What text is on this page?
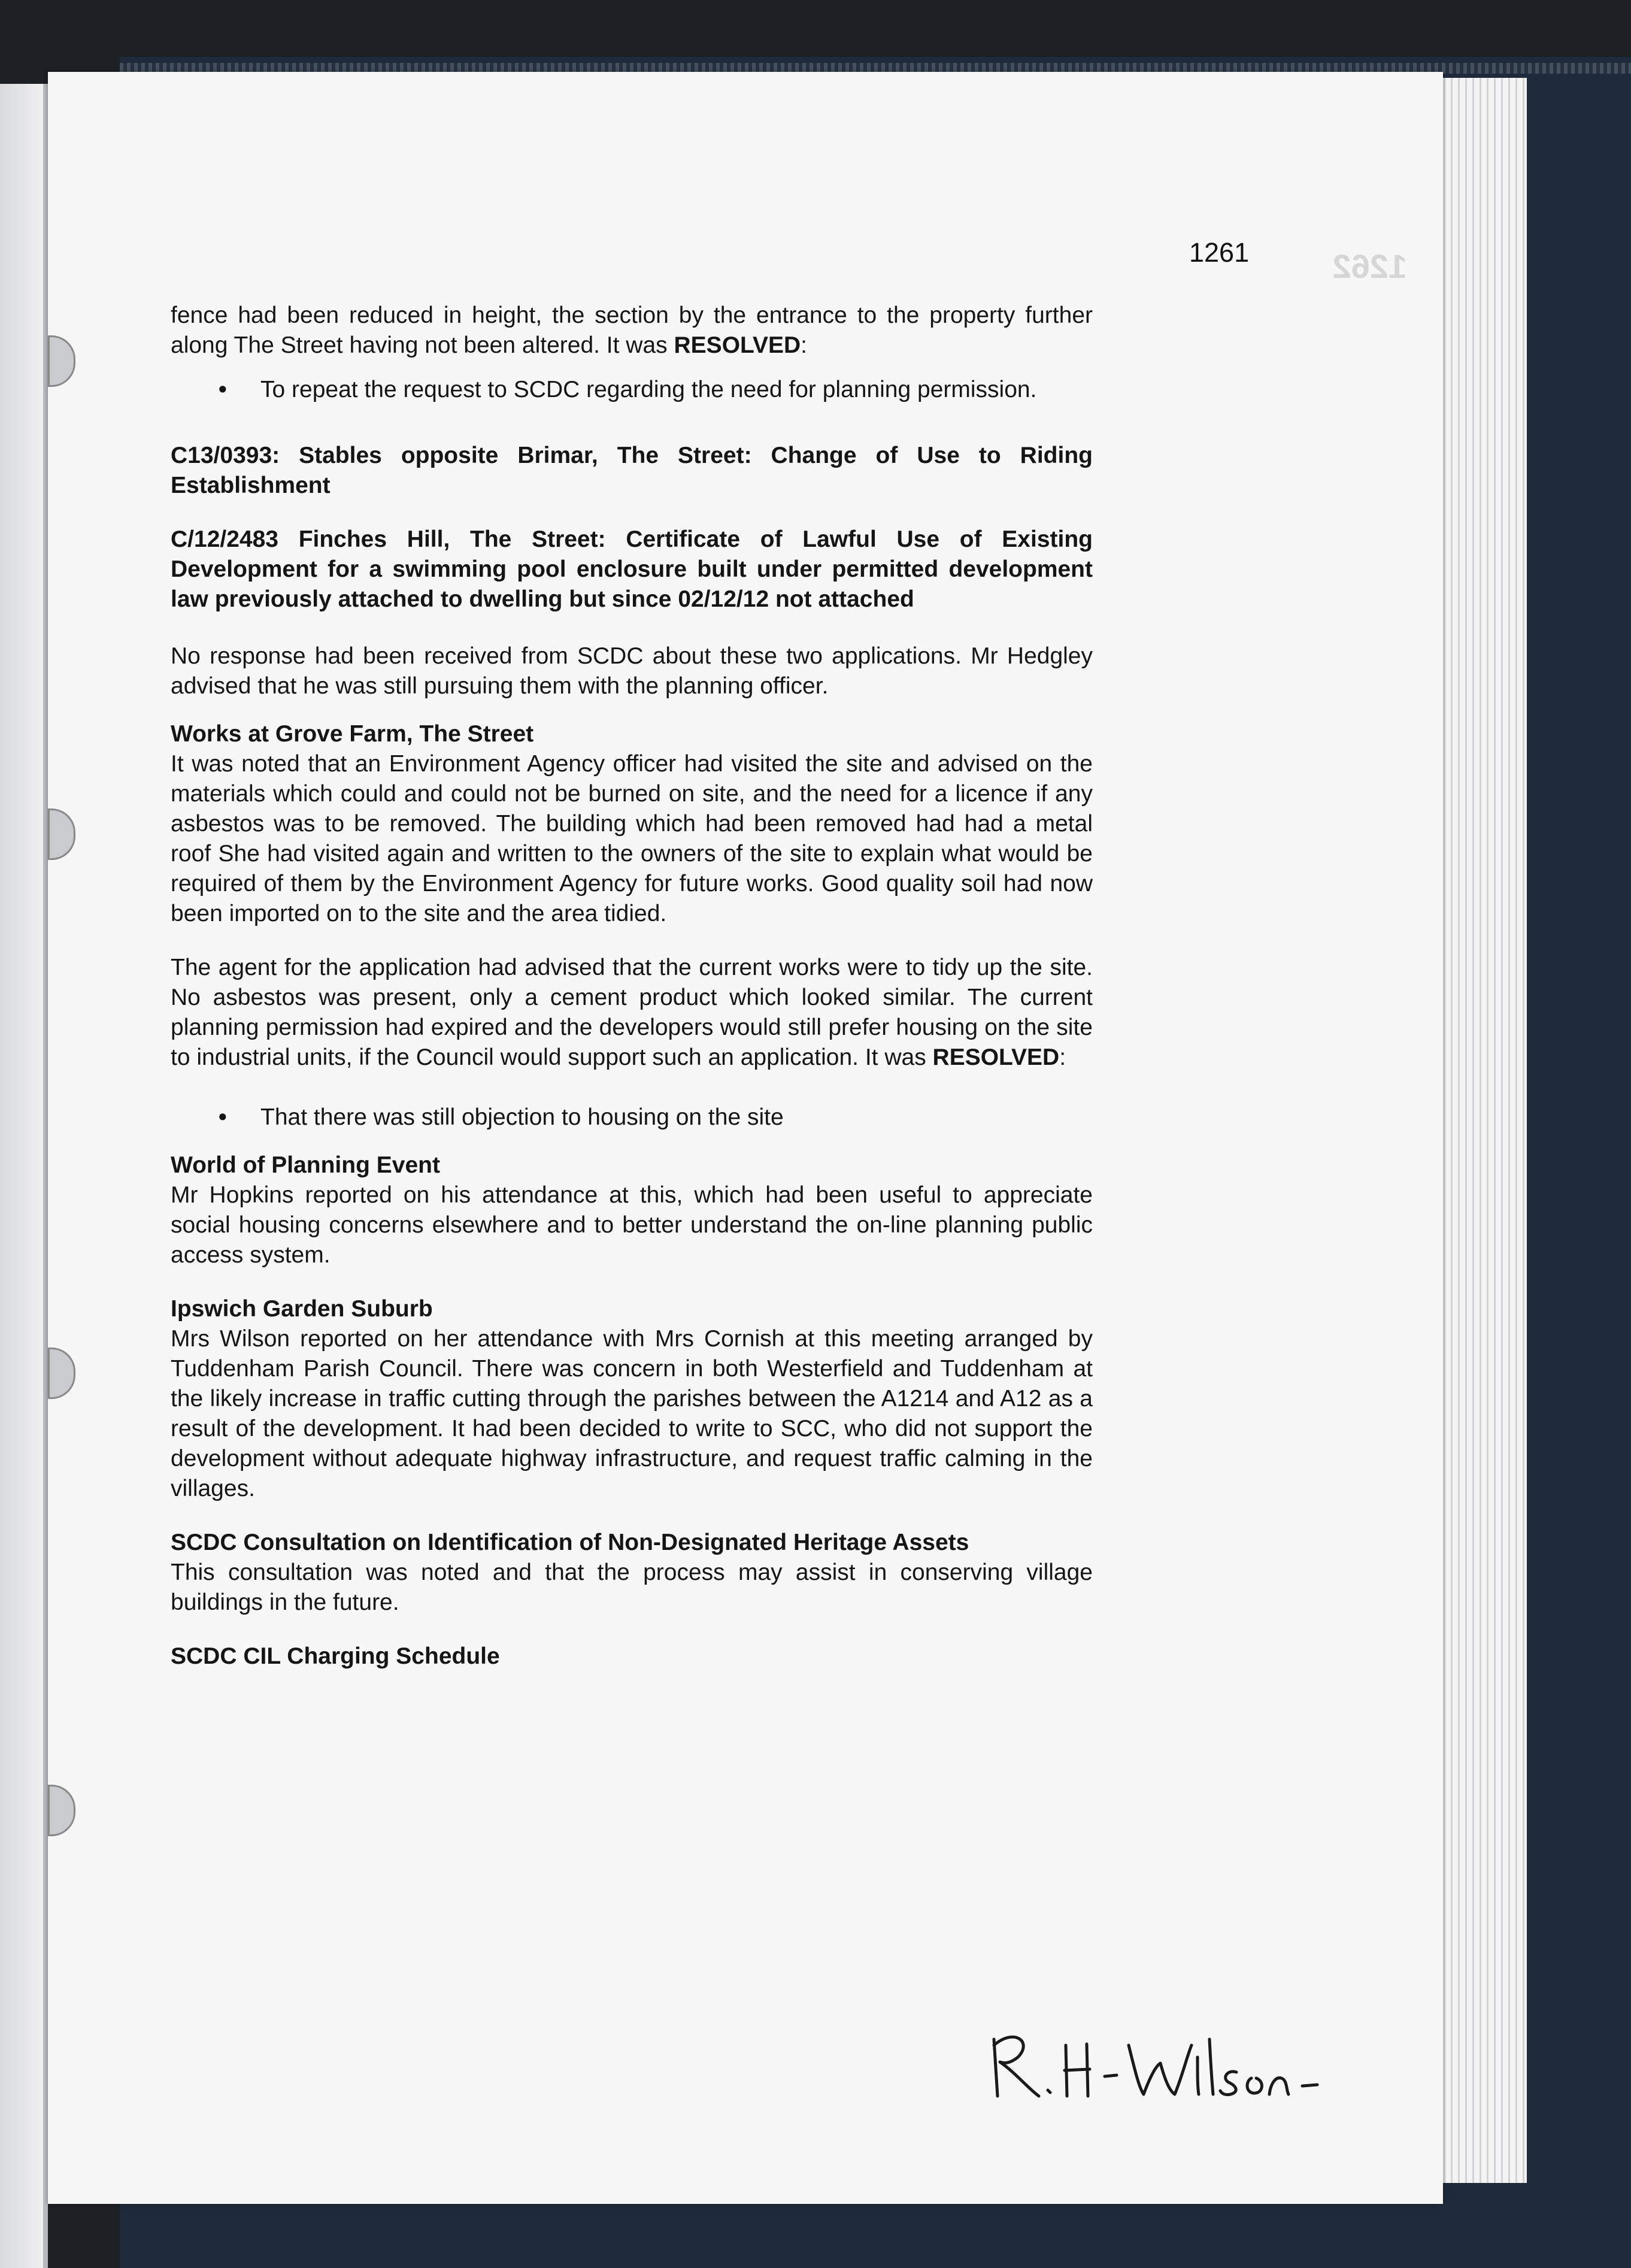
1262
1261

fence had been reduced in height, the section by the entrance to the property further along The Street having not been altered. It was RESOLVED:

• To repeat the request to SCDC regarding the need for planning permission.

C13/0393: Stables opposite Brimar, The Street: Change of Use to Riding Establishment

C/12/2483 Finches Hill, The Street: Certificate of Lawful Use of Existing Development for a swimming pool enclosure built under permitted development law previously attached to dwelling but since 02/12/12 not attached

No response had been received from SCDC about these two applications. Mr Hedgley advised that he was still pursuing them with the planning officer.

Works at Grove Farm, The Street

It was noted that an Environment Agency officer had visited the site and advised on the materials which could and could not be burned on site, and the need for a licence if any asbestos was to be removed. The building which had been removed had had a metal roof She had visited again and written to the owners of the site to explain what would be required of them by the Environment Agency for future works. Good quality soil had now been imported on to the site and the area tidied.

The agent for the application had advised that the current works were to tidy up the site. No asbestos was present, only a cement product which looked similar. The current planning permission had expired and the developers would still prefer housing on the site to industrial units, if the Council would support such an application. It was RESOLVED:

• That there was still objection to housing on the site

World of Planning Event

Mr Hopkins reported on his attendance at this, which had been useful to appreciate social housing concerns elsewhere and to better understand the on-line planning public access system.

Ipswich Garden Suburb

Mrs Wilson reported on her attendance with Mrs Cornish at this meeting arranged by Tuddenham Parish Council. There was concern in both Westerfield and Tuddenham at the likely increase in traffic cutting through the parishes between the A1214 and A12 as a result of the development. It had been decided to write to SCC, who did not support the development without adequate highway infrastructure, and request traffic calming in the villages.

SCDC Consultation on Identification of Non-Designated Heritage Assets

This consultation was noted and that the process may assist in conserving village buildings in the future.

SCDC CIL Charging Schedule
